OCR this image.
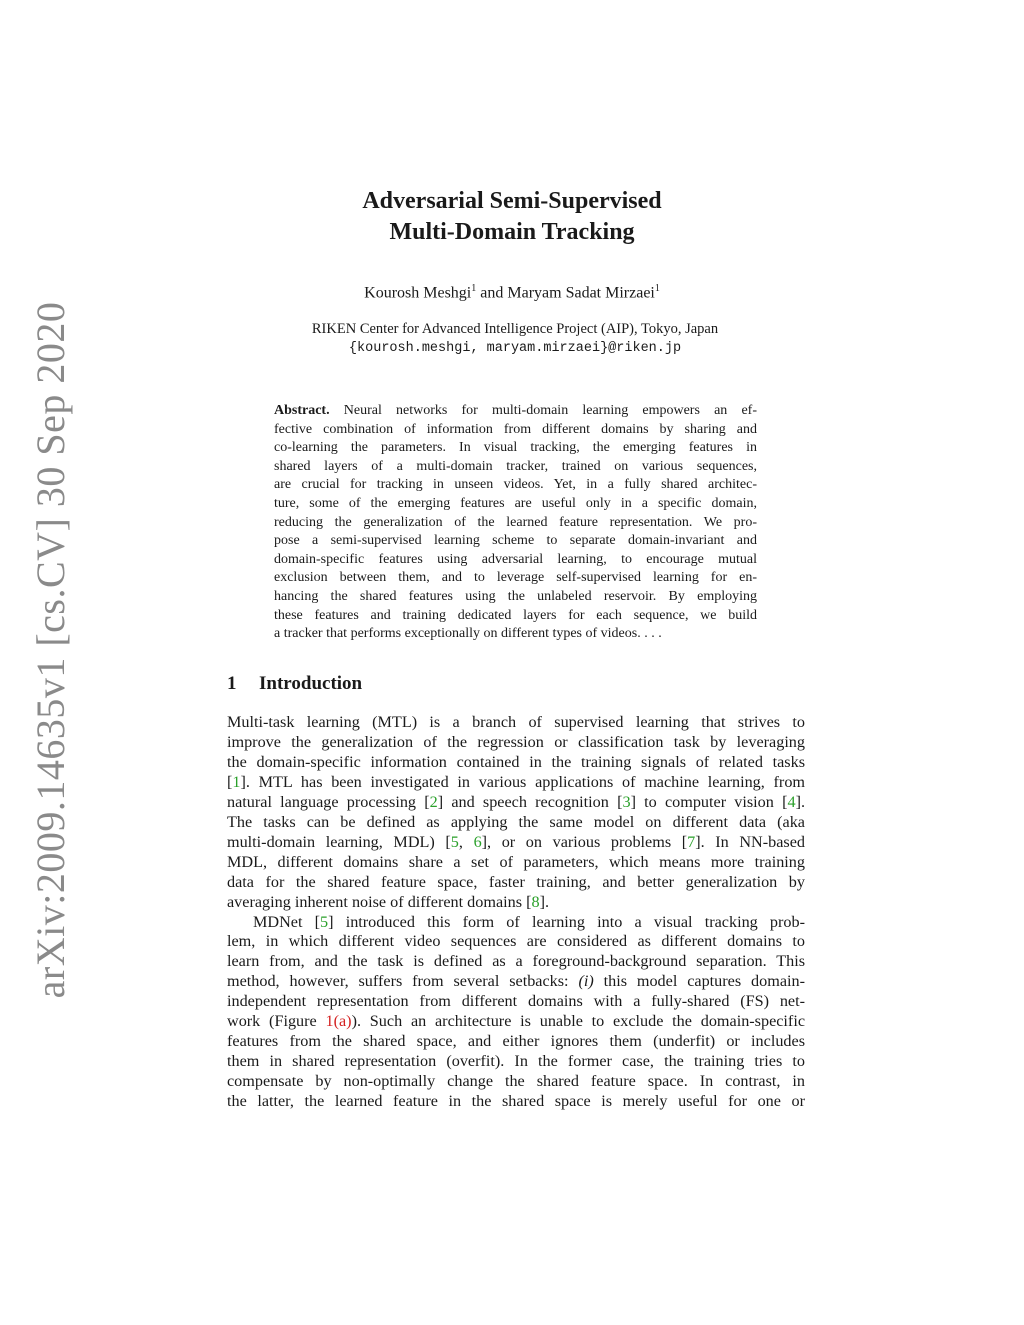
arXiv:2009.14635v1 [cs.CV] 30 Sep 2020
Adversarial Semi-Supervised
Multi-Domain Tracking
Kourosh Meshgi$^1$ and Maryam Sadat Mirzaei$^1$
RIKEN Center for Advanced Intelligence Project (AIP), Tokyo, Japan
{kourosh.meshgi, maryam.mirzaei}@riken.jp
Abstract. Neural networks for multi-domain learning empowers an ef-
fective combination of information from different domains by sharing and
co-learning the parameters. In visual tracking, the emerging features in
shared layers of a multi-domain tracker, trained on various sequences,
are crucial for tracking in unseen videos. Yet, in a fully shared architec-
ture, some of the emerging features are useful only in a specific domain,
reducing the generalization of the learned feature representation. We pro-
pose a semi-supervised learning scheme to separate domain-invariant and
domain-specific features using adversarial learning, to encourage mutual
exclusion between them, and to leverage self-supervised learning for en-
hancing the shared features using the unlabeled reservoir. By employing
these features and training dedicated layers for each sequence, we build
a tracker that performs exceptionally on different types of videos. . . .
1 Introduction
Multi-task learning (MTL) is a branch of supervised learning that strives to
improve the generalization of the regression or classification task by leveraging
the domain-specific information contained in the training signals of related tasks
[1]. MTL has been investigated in various applications of machine learning, from
natural language processing [2] and speech recognition [3] to computer vision [4].
The tasks can be defined as applying the same model on different data (aka
multi-domain learning, MDL) [5, 6], or on various problems [7]. In NN-based
MDL, different domains share a set of parameters, which means more training
data for the shared feature space, faster training, and better generalization by
averaging inherent noise of different domains [8].
MDNet [5] introduced this form of learning into a visual tracking prob-
lem, in which different video sequences are considered as different domains to
learn from, and the task is defined as a foreground-background separation. This
method, however, suffers from several setbacks: (i) this model captures domain-
independent representation from different domains with a fully-shared (FS) net-
work (Figure 1(a)). Such an architecture is unable to exclude the domain-specific
features from the shared space, and either ignores them (underfit) or includes
them in shared representation (overfit). In the former case, the training tries to
compensate by non-optimally change the shared feature space. In contrast, in
the latter, the learned feature in the shared space is merely useful for one or
